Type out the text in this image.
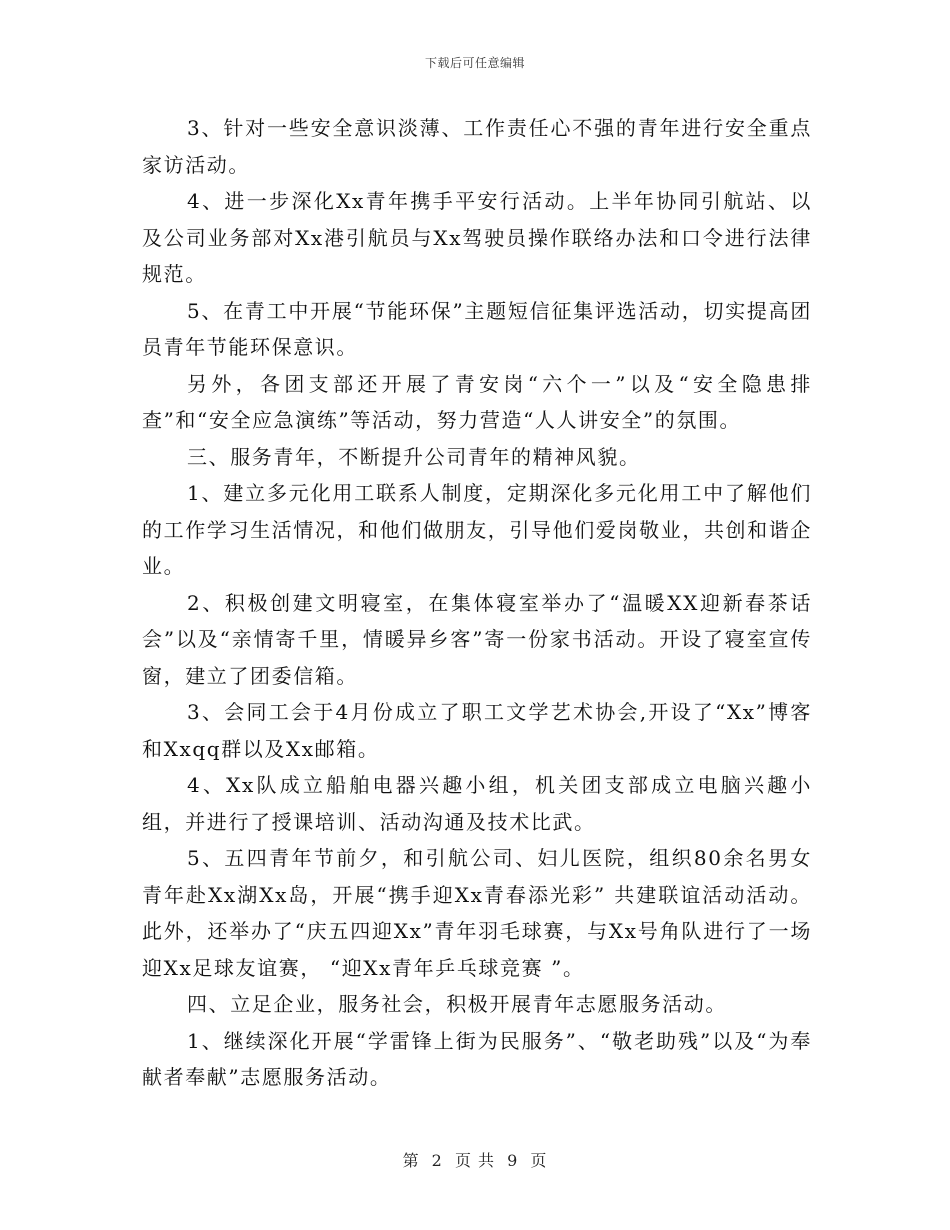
下载后可任意编辑

3、针对一些安全意识淡薄、工作责任心不强的青年进行安全重点家访活动。

4、进一步深化Xx青年携手平安行活动。上半年协同引航站、以及公司业务部对Xx港引航员与Xx驾驶员操作联络办法和口令进行法律规范。

5、在青工中开展“节能环保”主题短信征集评选活动，切实提高团员青年节能环保意识。

另外，各团支部还开展了青安岗“六个一”以及“安全隐患排查”和“安全应急演练”等活动，努力营造“人人讲安全”的氛围。

三、服务青年，不断提升公司青年的精神风貌。

1、建立多元化用工联系人制度，定期深化多元化用工中了解他们的工作学习生活情况，和他们做朋友，引导他们爱岗敬业，共创和谐企业。

2、积极创建文明寝室，在集体寝室举办了“温暖XX迎新春茶话会”以及“亲情寄千里，情暖异乡客”寄一份家书活动。开设了寝室宣传窗，建立了团委信箱。

3、会同工会于4月份成立了职工文学艺术协会,开设了“Xx”博客和Xxqq群以及Xx邮箱。

4、Xx队成立船舶电器兴趣小组，机关团支部成立电脑兴趣小组，并进行了授课培训、活动沟通及技术比武。

5、五四青年节前夕，和引航公司、妇儿医院，组织80余名男女青年赴Xx湖Xx岛，开展“携手迎Xx青春添光彩” 共建联谊活动活动。此外，还举办了“庆五四迎Xx”青年羽毛球赛，与Xx号角队进行了一场迎Xx足球友谊赛， “迎Xx青年乒乓球竞赛 ”。

四、立足企业，服务社会，积极开展青年志愿服务活动。

1、继续深化开展“学雷锋上街为民服务”、“敬老助残”以及“为奉献者奉献”志愿服务活动。

第 2 页 共 9 页
